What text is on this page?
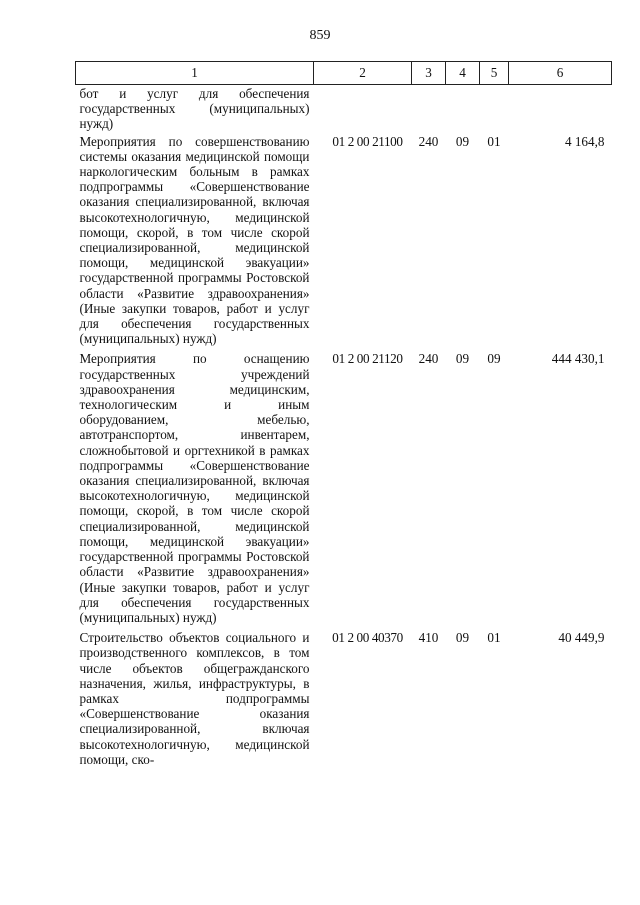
859
1	2	3	4	5	6
бот и услуг для обеспечения государственных (муниципальных) нужд)					
Мероприятия по совершенствованию системы оказания медицинской помощи наркологическим больным в рамках подпрограммы «Совершенствование оказания специализированной, включая высокотехнологичную, медицинской помощи, скорой, в том числе скорой специализированной, медицинской помощи, медицинской эвакуации» государственной программы Ростовской области «Развитие здравоохранения» (Иные закупки товаров, работ и услуг для обеспечения государственных (муниципальных) нужд)	01 2 00 21100	240	09	01	4 164,8
Мероприятия по оснащению государственных учреждений здравоохранения медицинским, технологическим и иным оборудованием, мебелью, автотранспортом, инвентарем, сложнобытовой и оргтехникой в рамках подпрограммы «Совершенствование оказания специализированной, включая высокотехнологичную, медицинской помощи, скорой, в том числе скорой специализированной, медицинской помощи, медицинской эвакуации» государственной программы Ростовской области «Развитие здравоохранения» (Иные закупки товаров, работ и услуг для обеспечения государственных (муниципальных) нужд)	01 2 00 21120	240	09	09	444 430,1
Строительство объектов социального и производственного комплексов, в том числе объектов общегражданского назначения, жилья, инфраструктуры, в рамках подпрограммы «Совершенствование оказания специализированной, включая высокотехнологичную, медицинской помощи, ско-	01 2 00 40370	410	09	01	40 449,9
